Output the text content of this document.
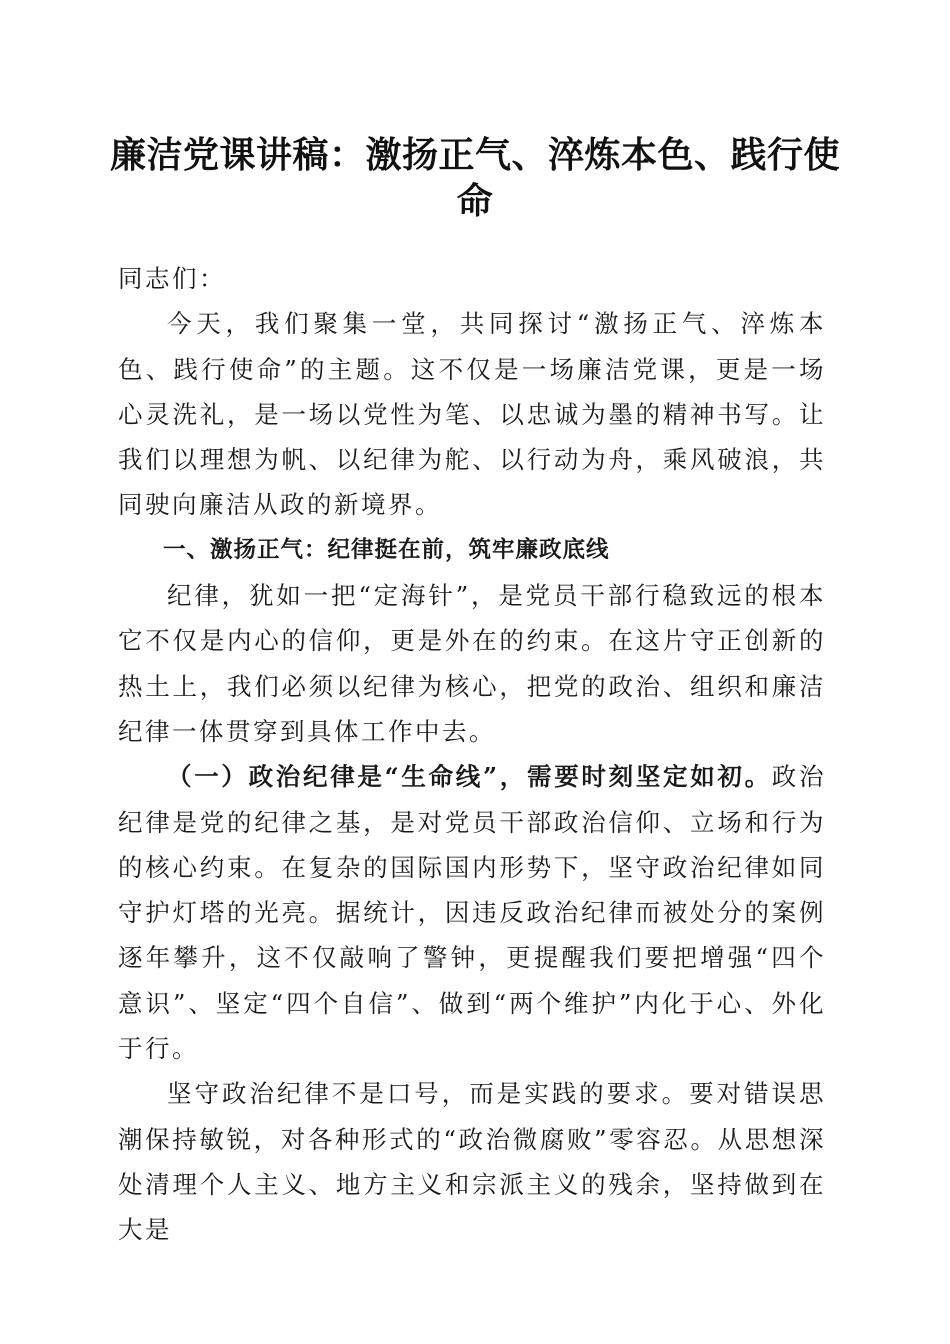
廉洁党课讲稿：激扬正气、淬炼本色、践行使命

同志们：

今天，我们聚集一堂，共同探讨“激扬正气、淬炼本色、践行使命”的主题。这不仅是一场廉洁党课，更是一场心灵洗礼，是一场以党性为笔、以忠诚为墨的精神书写。让我们以理想为帆、以纪律为舵、以行动为舟，乘风破浪，共同驶向廉洁从政的新境界。

一、激扬正气：纪律挺在前，筑牢廉政底线

纪律，犹如一把“定海针”，是党员干部行稳致远的根本它不仅是内心的信仰，更是外在的约束。在这片守正创新的热土上，我们必须以纪律为核心，把党的政治、组织和廉洁纪律一体贯穿到具体工作中去。

（一）政治纪律是“生命线”，需要时刻坚定如初。政治纪律是党的纪律之基，是对党员干部政治信仰、立场和行为的核心约束。在复杂的国际国内形势下，坚守政治纪律如同守护灯塔的光亮。据统计，因违反政治纪律而被处分的案例逐年攀升，这不仅敲响了警钟，更提醒我们要把增强“四个意识”、坚定“四个自信”、做到“两个维护”内化于心、外化于行。

坚守政治纪律不是口号，而是实践的要求。要对错误思潮保持敏锐，对各种形式的“政治微腐败”零容忍。从思想深处清理个人主义、地方主义和宗派主义的残余，坚持做到在大是
